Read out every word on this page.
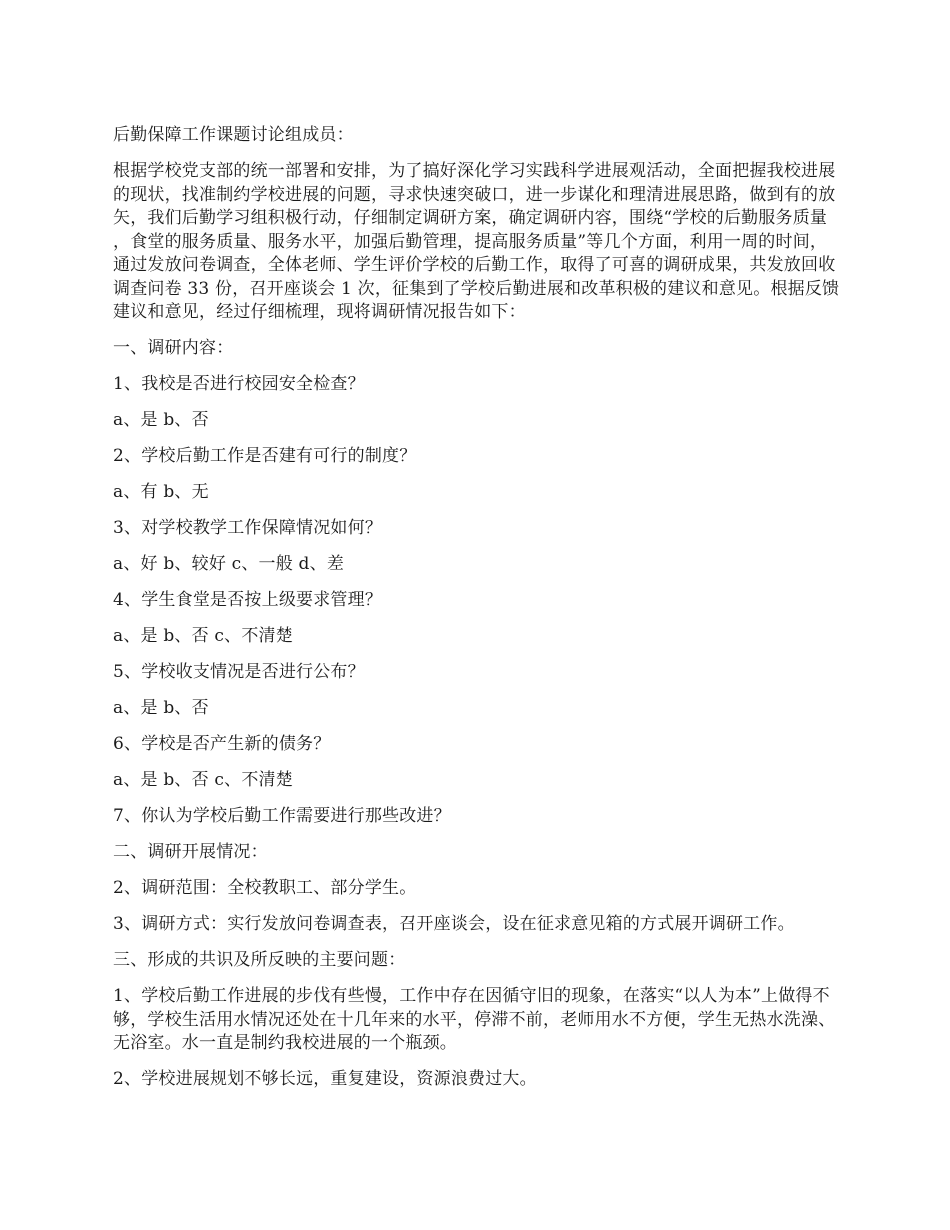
后勤保障工作课题讨论组成员：

根据学校党支部的统一部署和安排，为了搞好深化学习实践科学进展观活动，全面把握我校进展的现状，找准制约学校进展的问题，寻求快速突破口，进一步谋化和理清进展思路，做到有的放矢，我们后勤学习组积极行动，仔细制定调研方案，确定调研内容，围绕“学校的后勤服务质量，食堂的服务质量、服务水平，加强后勤管理，提高服务质量”等几个方面，利用一周的时间，通过发放问卷调查，全体老师、学生评价学校的后勤工作，取得了可喜的调研成果，共发放回收调查问卷 33 份，召开座谈会 1 次，征集到了学校后勤进展和改革积极的建议和意见。根据反馈建议和意见，经过仔细梳理，现将调研情况报告如下：

一、调研内容：

1、我校是否进行校园安全检查？

a、是 b、否

2、学校后勤工作是否建有可行的制度？

a、有 b、无

3、对学校教学工作保障情况如何？

a、好 b、较好 c、一般 d、差

4、学生食堂是否按上级要求管理？

a、是 b、否 c、不清楚

5、学校收支情况是否进行公布？

a、是 b、否

6、学校是否产生新的债务？

a、是 b、否 c、不清楚

7、你认为学校后勤工作需要进行那些改进？

二、调研开展情况：

2、调研范围：全校教职工、部分学生。

3、调研方式：实行发放问卷调查表，召开座谈会，设在征求意见箱的方式展开调研工作。

三、形成的共识及所反映的主要问题：

1、学校后勤工作进展的步伐有些慢，工作中存在因循守旧的现象，在落实“以人为本”上做得不够，学校生活用水情况还处在十几年来的水平，停滞不前，老师用水不方便，学生无热水洗澡、无浴室。水一直是制约我校进展的一个瓶颈。

2、学校进展规划不够长远，重复建设，资源浪费过大。
